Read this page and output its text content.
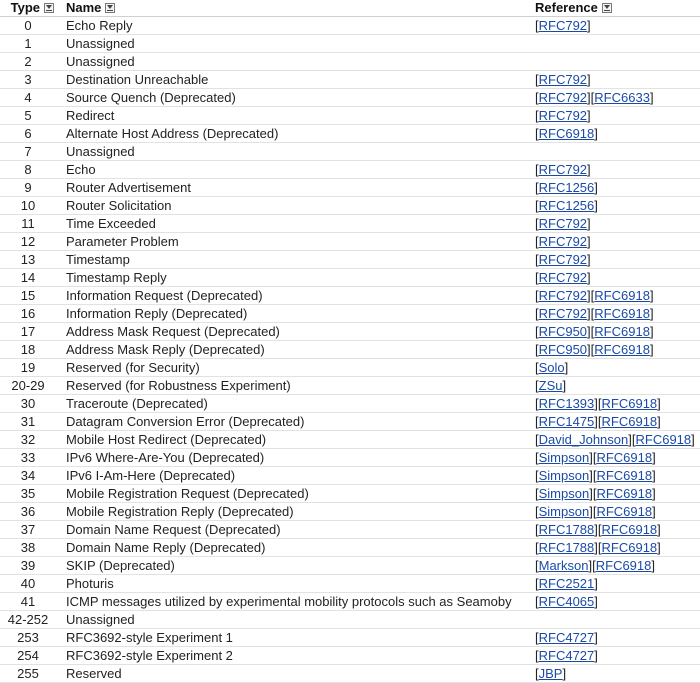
Type	Name	Reference
0	Echo Reply	[RFC792]
1	Unassigned	
2	Unassigned	
3	Destination Unreachable	[RFC792]
4	Source Quench (Deprecated)	[RFC792][RFC6633]
5	Redirect	[RFC792]
6	Alternate Host Address (Deprecated)	[RFC6918]
7	Unassigned	
8	Echo	[RFC792]
9	Router Advertisement	[RFC1256]
10	Router Solicitation	[RFC1256]
11	Time Exceeded	[RFC792]
12	Parameter Problem	[RFC792]
13	Timestamp	[RFC792]
14	Timestamp Reply	[RFC792]
15	Information Request (Deprecated)	[RFC792][RFC6918]
16	Information Reply (Deprecated)	[RFC792][RFC6918]
17	Address Mask Request (Deprecated)	[RFC950][RFC6918]
18	Address Mask Reply (Deprecated)	[RFC950][RFC6918]
19	Reserved (for Security)	[Solo]
20-29	Reserved (for Robustness Experiment)	[ZSu]
30	Traceroute (Deprecated)	[RFC1393][RFC6918]
31	Datagram Conversion Error (Deprecated)	[RFC1475][RFC6918]
32	Mobile Host Redirect (Deprecated)	[David_Johnson][RFC6918]
33	IPv6 Where-Are-You (Deprecated)	[Simpson][RFC6918]
34	IPv6 I-Am-Here (Deprecated)	[Simpson][RFC6918]
35	Mobile Registration Request (Deprecated)	[Simpson][RFC6918]
36	Mobile Registration Reply (Deprecated)	[Simpson][RFC6918]
37	Domain Name Request (Deprecated)	[RFC1788][RFC6918]
38	Domain Name Reply (Deprecated)	[RFC1788][RFC6918]
39	SKIP (Deprecated)	[Markson][RFC6918]
40	Photuris	[RFC2521]
41	ICMP messages utilized by experimental mobility protocols such as Seamoby	[RFC4065]
42-252	Unassigned	
253	RFC3692-style Experiment 1	[RFC4727]
254	RFC3692-style Experiment 2	[RFC4727]
255	Reserved	[JBP]
